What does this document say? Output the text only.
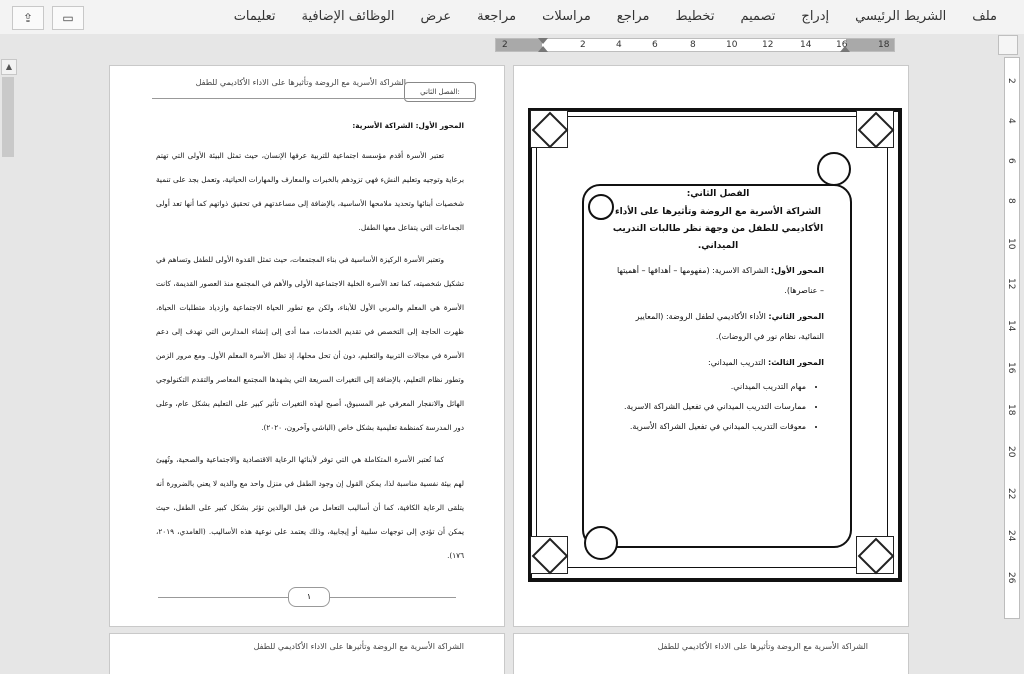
⇪ ▭	ملف
الشريط الرئيسي
إدراج
تصميم
تخطيط
مراجع
مراسلات
مراجعة
عرض
الوظائف الإضافية
تعليمات
2	2	4	6	8	10	12	14	16	18
▲
2
4
6
8
10
12
14
16
18
20
22
24
26
الشراكة الأسرية مع الروضة وتأثيرها على الاداء الأكاديمي للطفل
الفصل الثاني:

المحور الأول: الشراكة الأسرية:

تعتبر الأسرة أقدم مؤسسة اجتماعية للتربية عرفها الإنسان، حيث تمثل البيئة الأولى التي تهتم برعاية وتوجيه وتعليم النشء فهي تزودهم بالخبرات والمعارف والمهارات الحياتية، وتعمل بجد على تنمية شخصيات أبنائها وتحديد ملامحها الأساسية، بالإضافة إلى مساعدتهم في تحقيق ذواتهم كما أنها تعد أولى الجماعات التي يتفاعل معها الطفل.

وتعتبر الأسرة الركيزة الأساسية في بناء المجتمعات، حيث تمثل القدوة الأولى للطفل وتساهم في تشكيل شخصيته، كما تعد الأسرة الخلية الاجتماعية الأولى والأهم في المجتمع منذ العصور القديمة، كانت الأسرة هي المعلم والمربي الأول للأبناء، ولكن مع تطور الحياة الاجتماعية وازدياد متطلبات الحياة، ظهرت الحاجة إلى التخصص في تقديم الخدمات، مما أدى إلى إنشاء المدارس التي تهدف إلى دعم الأسرة في مجالات التربية والتعليم، دون أن تحل محلها، إذ تظل الأسرة المعلم الأول. ومع مرور الزمن وتطور نظام التعليم، بالإضافة إلى التغيرات السريعة التي يشهدها المجتمع المعاصر والتقدم التكنولوجي الهائل والانفجار المعرفي غير المسبوق، أصبح لهذه التغيرات تأثير كبير على التعليم بشكل عام، وعلى دور المدرسة كمنظمة تعليمية بشكل خاص (الباشي وآخرون، ٢٠٢٠).

كما تُعتبر الأسرة المتكاملة هي التي توفر لأبنائها الرعاية الاقتصادية والاجتماعية والصحية، وتُهيئ لهم بيئة نفسية مناسبة لذا، يمكن القول إن وجود الطفل في منزل واحد مع والديه لا يعني بالضرورة أنه يتلقى الرعاية الكافية، كما أن أساليب التعامل من قبل الوالدين تؤثر بشكل كبير على الطفل، حيث يمكن أن تؤدي إلى توجهات سلبية أو إيجابية، وذلك يعتمد على نوعية هذه الأساليب. (الغامدي، ٢٠١٩، ١٧٦).

١
الفصل الثاني:
الشراكة الأسرية مع الروضة وتأثيرها على الأداء الأكاديمي للطفل من وجهة نظر طالبات التدريب الميداني.
المحور الأول: الشراكة الاسرية: (مفهومها – أهدافها – أهميتها – عناصرها).
المحور الثاني: الأداء الأكاديمي لطفل الروضة: (المعايير النمائية، نظام نور في الروضات).
المحور الثالث: التدريب الميداني:
• مهام التدريب الميداني.
• ممارسات التدريب الميداني في تفعيل الشراكة الاسرية.
• معوقات التدريب الميداني في تفعيل الشراكة الأسرية.
الشراكة الأسرية مع الروضة وتأثيرها على الاداء الأكاديمي للطفل	الشراكة الأسرية مع الروضة وتأثيرها على الاداء الأكاديمي للطفل
